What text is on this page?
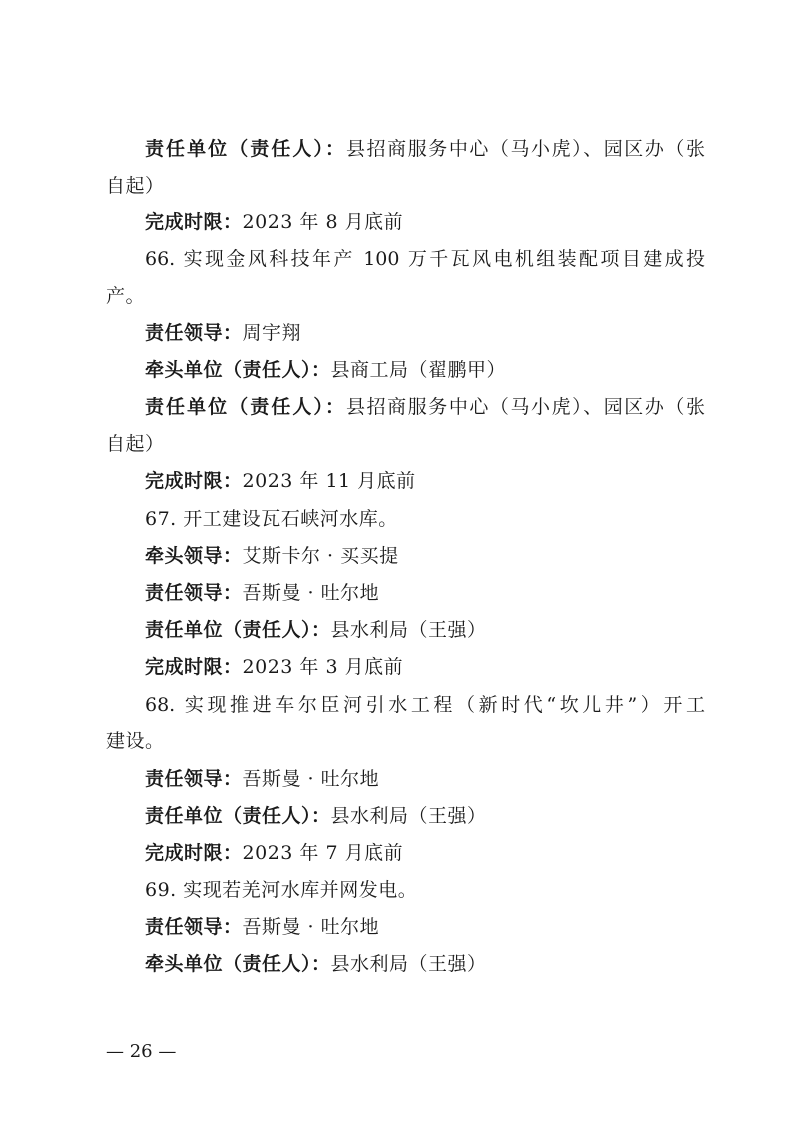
责任单位（责任人）：县招商服务中心（马小虎）、园区办（张
自起）
完成时限：2023 年 8 月底前
66. 实现金风科技年产 100 万千瓦风电机组装配项目建成投
产。
责任领导：周宇翔
牵头单位（责任人）：县商工局（翟鹏甲）
责任单位（责任人）：县招商服务中心（马小虎）、园区办（张
自起）
完成时限：2023 年 11 月底前
67. 开工建设瓦石峡河水库。
牵头领导：艾斯卡尔 · 买买提
责任领导：吾斯曼 · 吐尔地
责任单位（责任人）：县水利局（王强）
完成时限：2023 年 3 月底前
68. 实现推进车尔臣河引水工程（新时代“坎儿井”）开工
建设。
责任领导：吾斯曼 · 吐尔地
责任单位（责任人）：县水利局（王强）
完成时限：2023 年 7 月底前
69. 实现若羌河水库并网发电。
责任领导：吾斯曼 · 吐尔地
牵头单位（责任人）：县水利局（王强）
— 26 —
